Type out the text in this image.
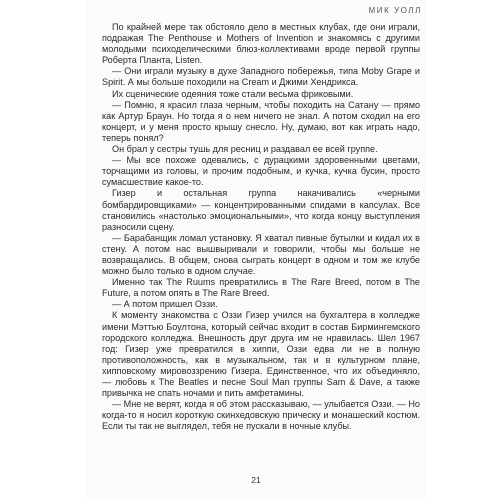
МИК УОЛЛ

По крайней мере так обстояло дело в местных клубах, где они играли, подражая The Penthouse и Mothers of Invention и знакомясь с другими молодыми психоделическими блюз-коллективами вроде первой группы Роберта Планта, Listen.

— Они играли музыку в духе Западного побережья, типа Moby Grape и Spirit. А мы больше походили на Cream и Джими Хендрикса.

Их сценические одеяния тоже стали весьма фриковыми.

— Помню, я красил глаза черным, чтобы походить на Сатану — прямо как Артур Браун. Но тогда я о нем ничего не знал. А потом сходил на его концерт, и у меня просто крышу снесло. Ну, думаю, вот как играть надо, теперь понял?

Он брал у сестры тушь для ресниц и раздавал ее всей группе.

— Мы все похоже одевались, с дурацкими здоровенными цветами, торчащими из головы, и прочим подобным, и кучка, кучка бусин, просто сумасшествие какое-то.

Гизер и остальная группа накачивались «черными бомбардировщиками» — концентрированными спидами в капсулах. Все становились «настолько эмоциональными», что когда концу выступления разносили сцену.

— Барабанщик ломал установку. Я хватал пивные бутылки и кидал их в стену. А потом нас вышвыривали и говорили, чтобы мы больше не возвращались. В общем, снова сыграть концерт в одном и том же клубе можно было только в одном случае.

Именно так The Ruums превратились в The Rare Breed, потом в The Future, а потом опять в The Rare Breed.

— А потом пришел Оззи.

К моменту знакомства с Оззи Гизер учился на бухгалтера в колледже имени Мэттью Боултона, который сейчас входит в состав Бирмингемского городского колледжа. Внешность друг друга им не нравилась. Шел 1967 год: Гизер уже превратился в хиппи, Оззи едва ли не в полную противоположность, как в музыкальном, так и в культурном плане, хипповскому мировоззрению Гизера. Единственное, что их объединяло, — любовь к The Beatles и песне Soul Man группы Sam & Dave, а также привычка не спать ночами и пить амфетамины.

— Мне не верят, когда я об этом рассказываю, — улыбается Оззи. — Но когда-то я носил короткую скинхедовскую прическу и монашеский костюм. Если ты так не выглядел, тебя не пускали в ночные клубы.

21
